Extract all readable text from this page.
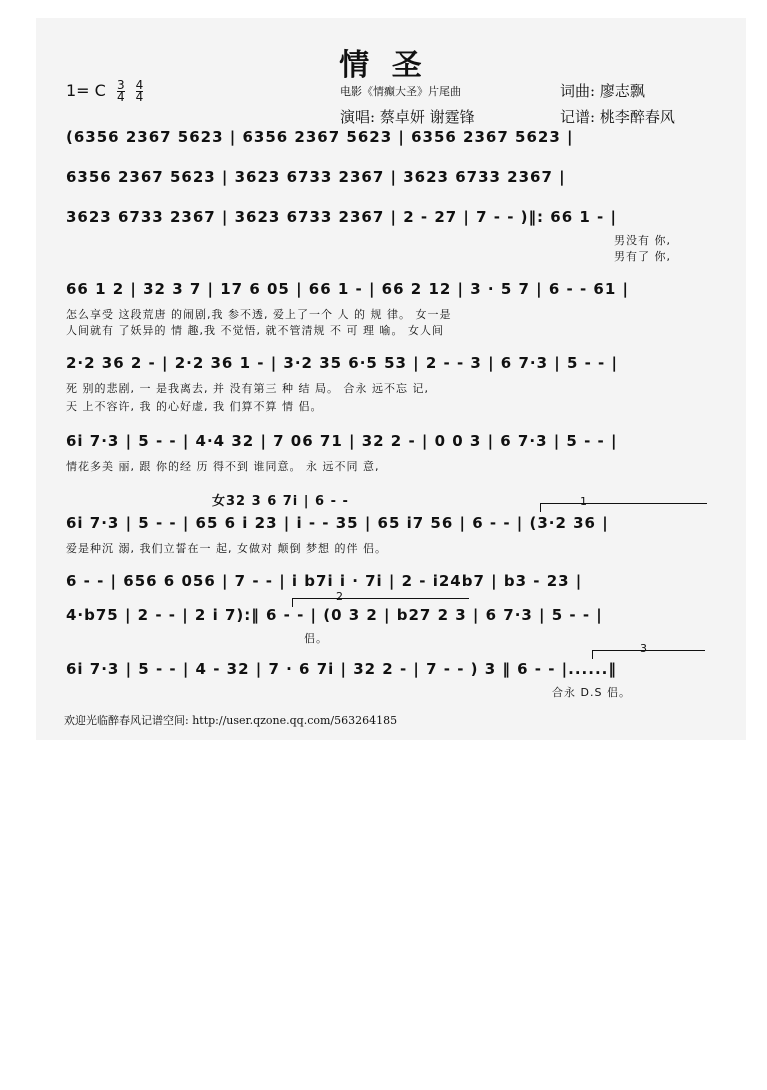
情 圣
1= C $\frac{3}{4}$
$\frac{4}{4}$	电影《情癫大圣》片尾曲	词曲: 廖志飘
演唱: 蔡卓妍 谢霆锋	记谱: 桃李醉春风
(6356 2367 5623 | 6356 2367 5623 | 6356 2367 5623 |
6356 2367 5623 | 3623 6733 2367 | 3623 6733 2367 |
3623 6733 2367 | 3623 6733 2367 | 2 - 27 | 7 - - )‖: 66 1 - |
男没有 你,
男有了 你,
66 1 2 | 32 3 7 | 17 6 05 | 66 1 - | 66 2 12 | 3 · 5 7 | 6 - - 61 |
怎么享受 这段荒唐 的闹剧,我 参不透, 爱上了一个 人 的 规 律。 女一是
人间就有 了妖异的 情 趣,我 不觉悟, 就不管清规 不 可 理 喻。 女人间
2·2 36 2 - | 2·2 36 1 - | 3·2 35 6·5 53 | 2 - - 3 | 6 7·3 | 5 - - |
死 别的悲剧, 一 是我离去, 并 没有第三 种 结 局。 合永 远不忘 记,
天 上不容许, 我 的心好虚, 我 们算不算 情 侣。
6i 7·3 | 5 - - | 4·4 32 | 7 06 71 | 32 2 - | 0 0 3 | 6 7·3 | 5 - - |
情花多美 丽, 跟 你的经 历 得不到 谁同意。 永 远不同 意,
女32 3 6 7i | 6 - -	1
6i 7·3 | 5 - - | 65 6 i 23 | i - - 35 | 65 i7 56 | 6 - - | (3·2 36 |
爱是种沉 溺, 我们立誓在一 起, 女做对 颠倒 梦想 的伴 侣。
6 - - | 656 6 056 | 7 - - | i b7i i · 7i | 2 - i24b7 | b3 - 23 |
2
4·b75 | 2 - - | 2 i 7):‖ 6 - - | (0 3 2 | b27 2 3 | 6 7·3 | 5 - - |
侣。
3
6i 7·3 | 5 - - | 4 - 32 | 7 · 6 7i | 32 2 - | 7 - - ) 3 ‖ 6 - - |......‖
合永 D.S 侣。
欢迎光临醉春风记谱空间: http://user.qzone.qq.com/563264185
